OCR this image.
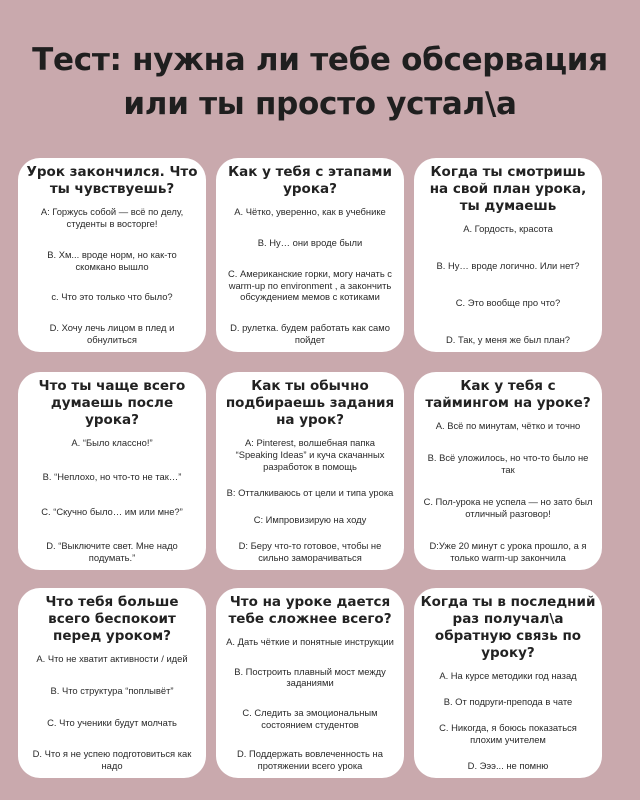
Тест: нужна ли тебе обсервация
или ты просто устал\а
Урок закончился. Что ты чувствуешь?
А: Горжусь собой — всё по делу, студенты в восторге!
В. Хм... вроде норм, но как-то скомкано вышло
с. Что это только что было?
D. Хочу лечь лицом в плед и обнулиться
Как у тебя с этапами урока?
А. Чётко, уверенно, как в учебнике
В. Ну… они вроде были
С. Американские горки, могу начать с warm-up по environment , а закончить обсуждением мемов с котиками
D. рулетка. будем работать как само пойдет
Когда ты смотришь на свой план урока, ты думаешь
А. Гордость, красота
В. Ну… вроде логично. Или нет?
С. Это вообще про что?
D. Так, у меня же был план?
Что ты чаще всего думаешь после урока?
А. “Было классно!”
В. “Неплохо, но что-то не так…”
С. “Скучно было… им или мне?”
D. “Выключите свет. Мне надо подумать.”
Как ты обычно подбираешь задания на урок?
А: Pinterest, волшебная папка “Speaking Ideas” и куча скачанных разработок в помощь
В: Отталкиваюсь от цели и типа урока
С: Импровизирую на ходу
D: Беру что-то готовое, чтобы не сильно заморачиваться
Как у тебя с таймингом на уроке?
А. Всё по минутам, чётко и точно
В. Всё уложилось, но что-то было не так
С. Пол-урока не успела — но зато был отличный разговор!
D:Уже 20 минут с урока прошло, а я только warm-up закончила
Что тебя больше всего беспокоит перед уроком?
А. Что не хватит активности / идей
В. Что структура “поплывёт”
С. Что ученики будут молчать
D. Что я не успею подготовиться как надо
Что на уроке дается тебе сложнее всего?
А. Дать чёткие и понятные инструкции
В. Построить плавный мост между заданиями
С. Следить за эмоциональным состоянием студентов
D. Поддержать вовлеченность на протяжении всего урока
Когда ты в последний раз получал\а обратную связь по уроку?
А. На курсе методики год назад
В. От подруги-препода в чате
С. Никогда, я боюсь показаться плохим учителем
D. Эээ... не помню
